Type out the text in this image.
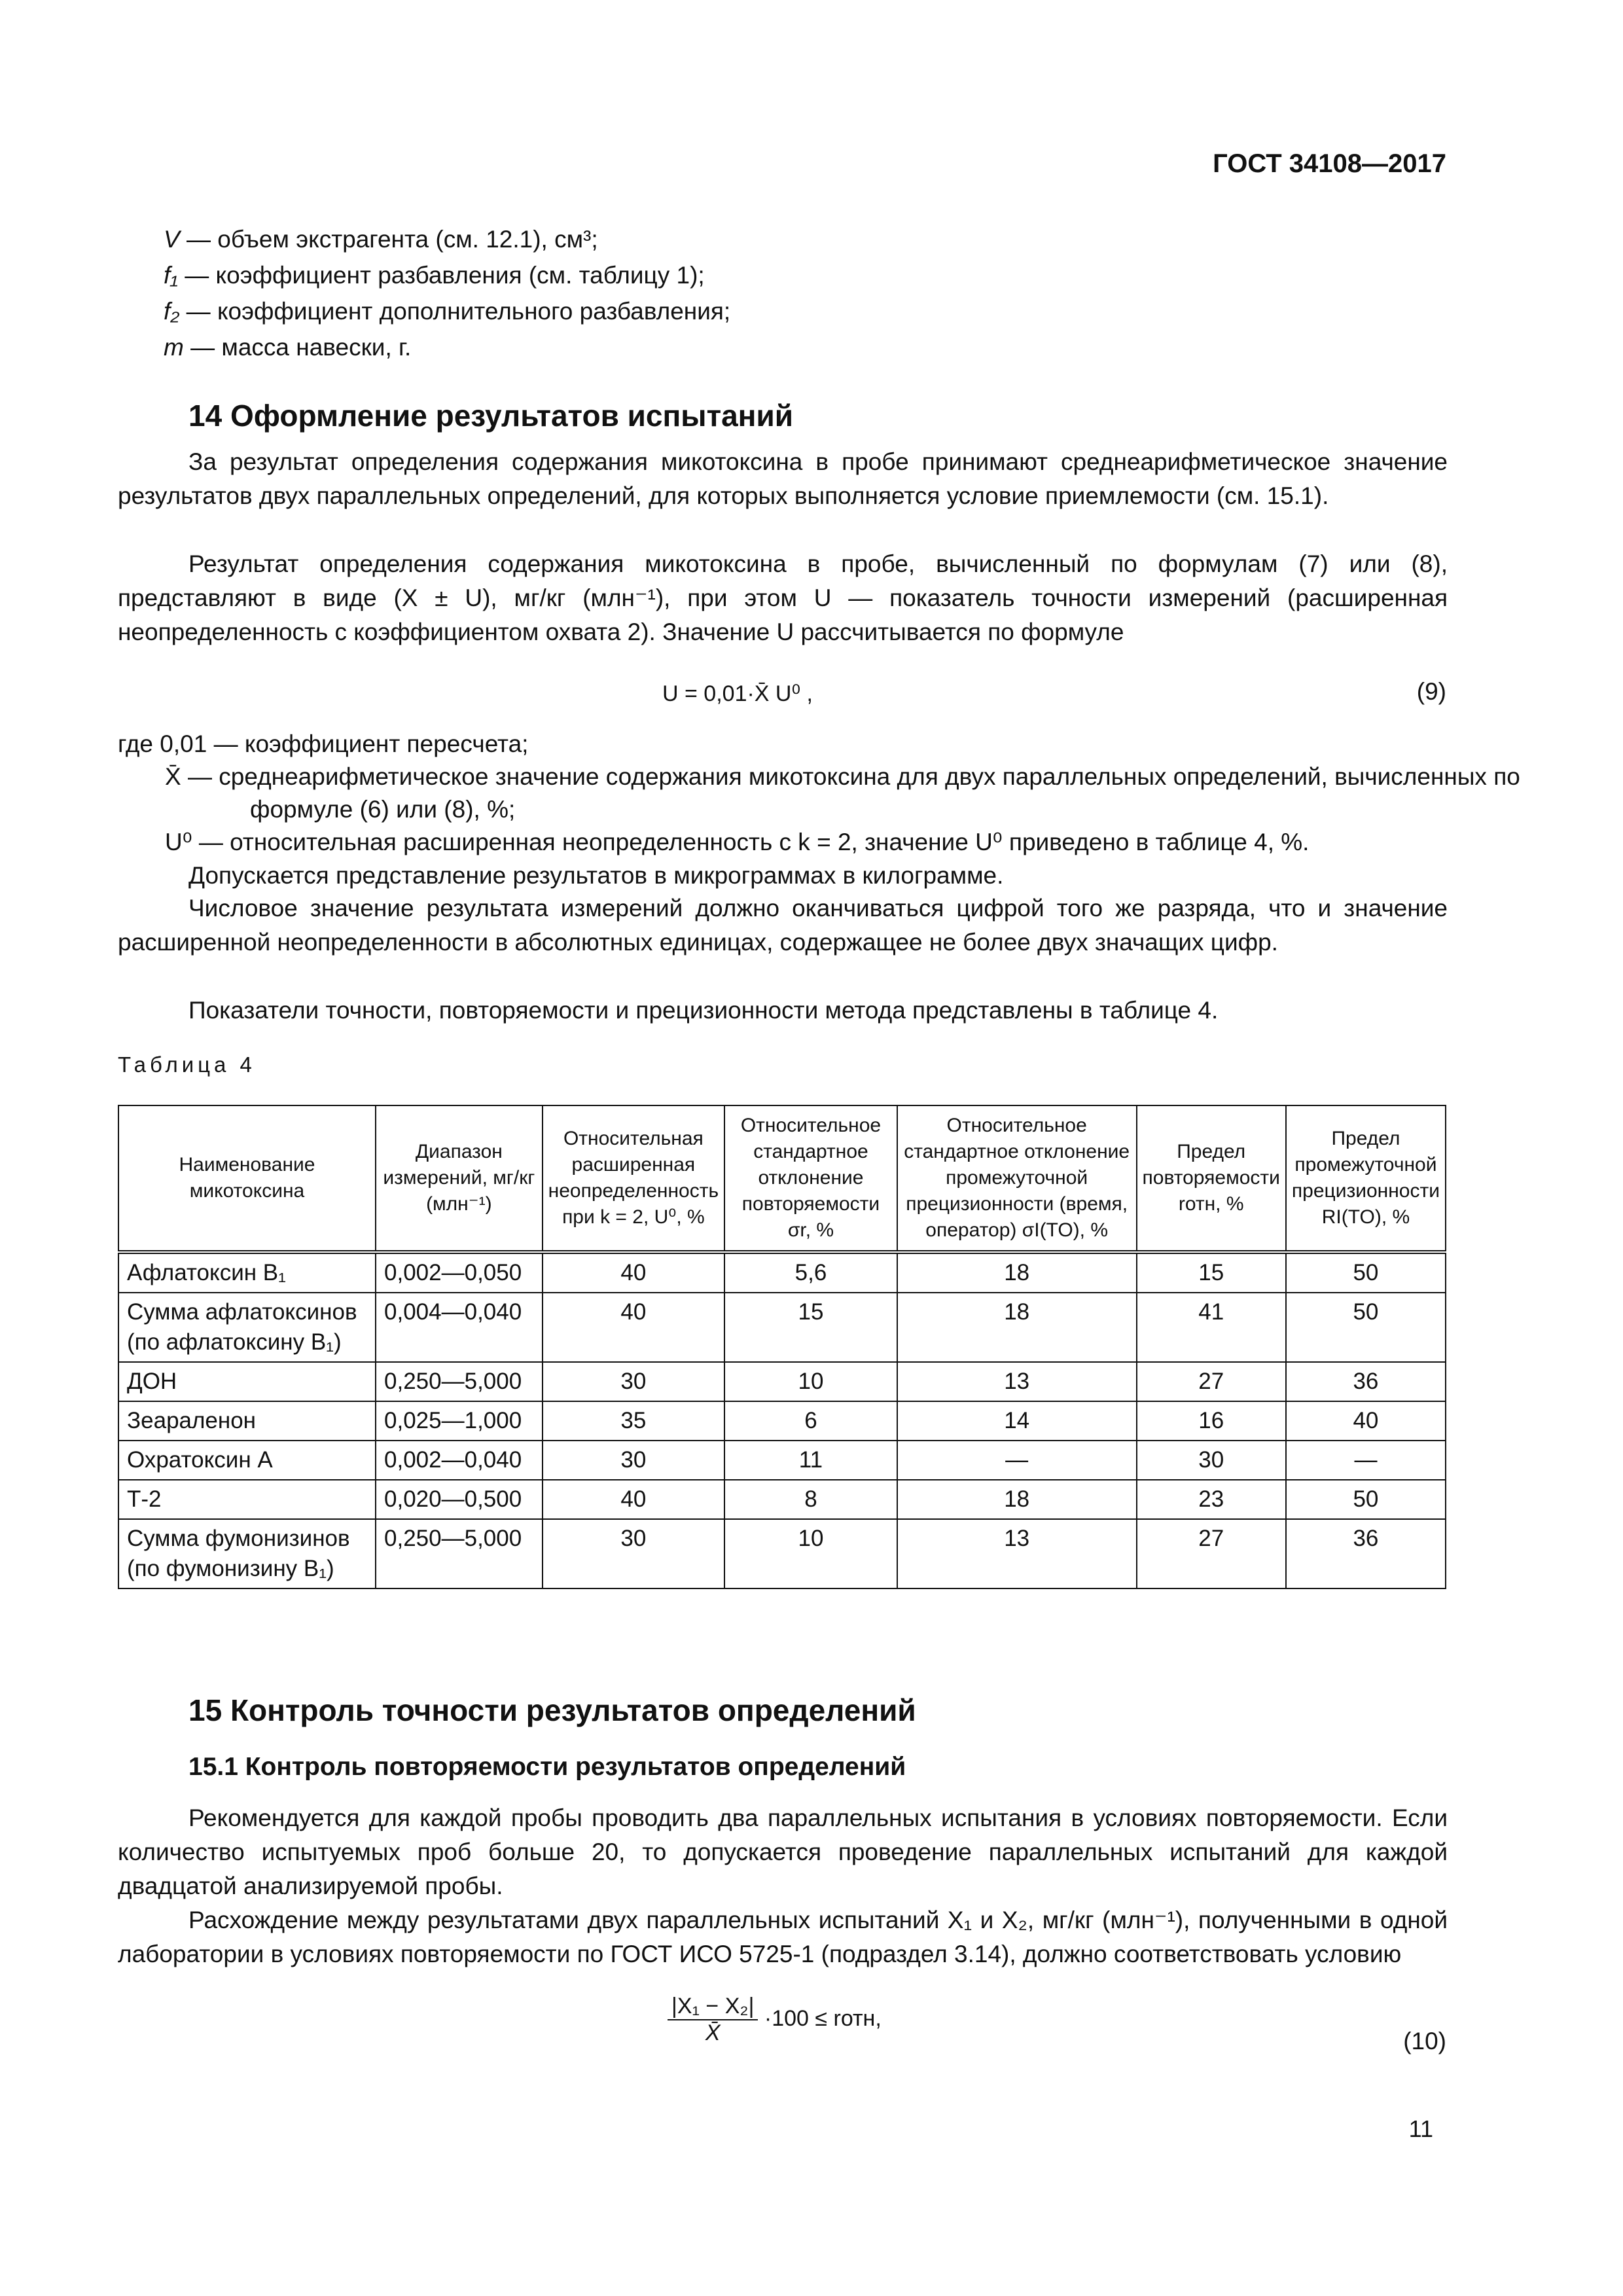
ГОСТ 34108—2017
V — объем экстрагента (см. 12.1), см³;
f₁ — коэффициент разбавления (см. таблицу 1);
f₂ — коэффициент дополнительного разбавления;
m — масса навески, г.
14 Оформление результатов испытаний

За результат определения содержания микотоксина в пробе принимают среднеарифметическое значение результатов двух параллельных определений, для которых выполняется условие приемлемости (см. 15.1).

Результат определения содержания микотоксина в пробе, вычисленный по формулам (7) или (8), представляют в виде (X ± U), мг/кг (млн⁻¹), при этом U — показатель точности измерений (расширенная неопределенность с коэффициентом охвата 2). Значение U рассчитывается по формуле

U = 0,01·X̄ U⁰ ,	(9)
где 0,01 — коэффициент пересчета;
X̄ — среднеарифметическое значение содержания микотоксина для двух параллельных определений, вычисленных по формуле (6) или (8), %;
U⁰ — относительная расширенная неопределенность с k = 2, значение U⁰ приведено в таблице 4, %.

Допускается представление результатов в микрограммах в килограмме.

Числовое значение результата измерений должно оканчиваться цифрой того же разряда, что и значение расширенной неопределенности в абсолютных единицах, содержащее не более двух значащих цифр.

Показатели точности, повторяемости и прецизионности метода представлены в таблице 4.

Таблица 4
Наименование микотоксина	Диапазон измерений, мг/кг (млн⁻¹)	Относительная расширенная неопределенность при k = 2, U⁰, %	Относительное стандартное отклонение повторяемости σr, %	Относительное стандартное отклонение промежуточной прецизионности (время, оператор) σI(TO), %	Предел повторяемости rотн, %	Предел промежуточной прецизионности RI(TO), %
Афлатоксин B₁	0,002—0,050	40	5,6	18	15	50
Сумма афлатоксинов (по афлатоксину B₁)	0,004—0,040	40	15	18	41	50
ДОН	0,250—5,000	30	10	13	27	36
Зеараленон	0,025—1,000	35	6	14	16	40
Охратоксин А	0,002—0,040	30	11	—	30	—
Т-2	0,020—0,500	40	8	18	23	50
Сумма фумонизинов (по фумонизину B₁)	0,250—5,000	30	10	13	27	36
15 Контроль точности результатов определений
15.1 Контроль повторяемости результатов определений

Рекомендуется для каждой пробы проводить два параллельных испытания в условиях повторяемости. Если количество испытуемых проб больше 20, то допускается проведение параллельных испытаний для каждой двадцатой анализируемой пробы.

Расхождение между результатами двух параллельных испытаний X₁ и X₂, мг/кг (млн⁻¹), полученными в одной лаборатории в условиях повторяемости по ГОСТ ИСО 5725-1 (подраздел 3.14), должно соответствовать условию

$\frac{\text{|X₁ − X₂|}}{X̄} \cdot 100$ ≤ rотн,
(10)
11
